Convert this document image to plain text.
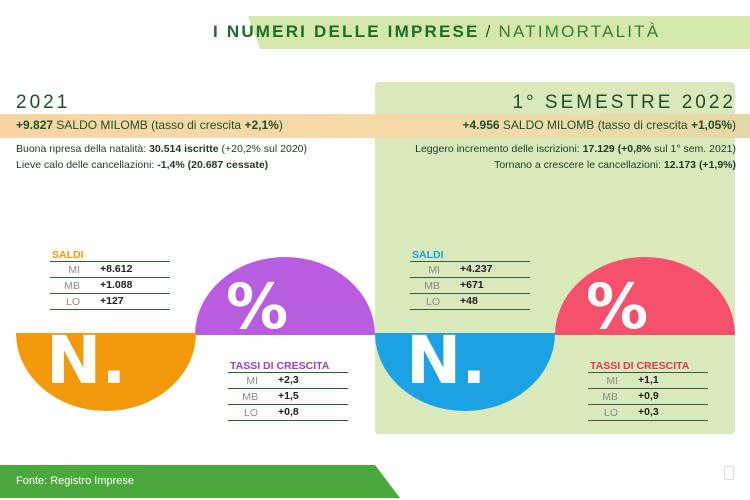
I NUMERI DELLE IMPRESE / NATIMORTALITÀ
2021	1° SEMESTRE 2022
+9.827 SALDO MILOMB (tasso di crescita +2,1%)	+4.956 SALDO MILOMB (tasso di crescita +1,05%)
Buona ripresa della natalità: 30.514 iscritte (+20,2% sul 2020)
Lieve calo delle cancellazioni: -1,4% (20.687 cessate)
Leggero incremento delle iscrizioni: 17.129 (+0,8% sul 1° sem. 2021)
Tornano a crescere le cancellazioni: 12.173 (+1,9%)
%
N.
%
N.
SALDI
MI +8.612
MB +1.088
LO +127
TASSI DI CRESCITA
MI +2,3
MB +1,5
LO +0,8
SALDI
MI +4.237
MB +671
LO +48
TASSI DI CRESCITA
MI +1,1
MB +0,9
LO +0,3
Fonte: Registro Imprese
